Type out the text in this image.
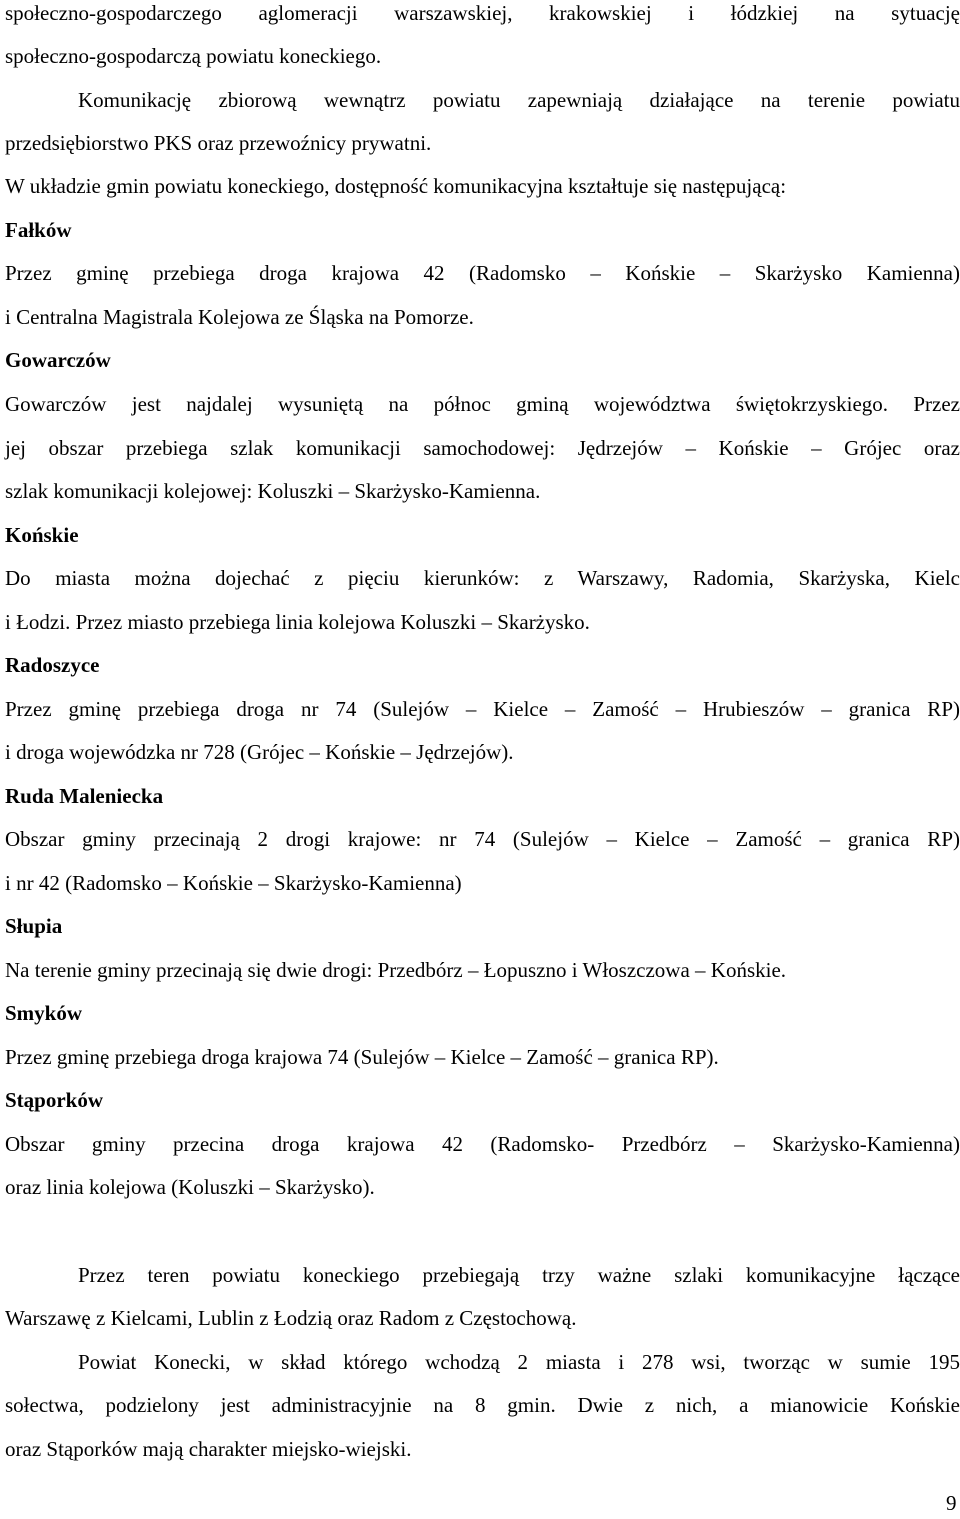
społeczno-gospodarczego aglomeracji warszawskiej, krakowskiej i łódzkiej na sytuację
społeczno-gospodarczą powiatu koneckiego.
Komunikację zbiorową wewnątrz powiatu zapewniają działające na terenie powiatu
przedsiębiorstwo PKS oraz przewoźnicy prywatni.
W układzie gmin powiatu koneckiego, dostępność komunikacyjna kształtuje się następującą:
Fałków
Przez gminę przebiega droga krajowa 42 (Radomsko – Końskie – Skarżysko Kamienna)
i Centralna Magistrala Kolejowa ze Śląska na Pomorze.
Gowarczów
Gowarczów jest najdalej wysuniętą na północ gminą województwa świętokrzyskiego. Przez
jej obszar przebiega szlak komunikacji samochodowej: Jędrzejów – Końskie – Grójec oraz
szlak komunikacji kolejowej: Koluszki – Skarżysko-Kamienna.
Końskie
Do miasta można dojechać z pięciu kierunków: z Warszawy, Radomia, Skarżyska, Kielc
i Łodzi. Przez miasto przebiega linia kolejowa Koluszki – Skarżysko.
Radoszyce
Przez gminę przebiega droga nr 74 (Sulejów – Kielce – Zamość – Hrubieszów – granica RP)
i droga wojewódzka nr 728 (Grójec – Końskie – Jędrzejów).
Ruda Maleniecka
Obszar gminy przecinają 2 drogi krajowe: nr 74 (Sulejów – Kielce – Zamość – granica RP)
i nr 42 (Radomsko – Końskie – Skarżysko-Kamienna)
Słupia
Na terenie gminy przecinają się dwie drogi: Przedbórz – Łopuszno i Włoszczowa – Końskie.
Smyków
Przez gminę przebiega droga krajowa 74 (Sulejów – Kielce – Zamość – granica RP).
Stąporków
Obszar gminy przecina droga krajowa 42 (Radomsko- Przedbórz – Skarżysko-Kamienna)
oraz linia kolejowa (Koluszki – Skarżysko).
Przez teren powiatu koneckiego przebiegają trzy ważne szlaki komunikacyjne łączące
Warszawę z Kielcami, Lublin z Łodzią oraz Radom z Częstochową.
Powiat Konecki, w skład którego wchodzą 2 miasta i 278 wsi, tworząc w sumie 195
sołectwa, podzielony jest administracyjnie na 8 gmin. Dwie z nich, a mianowicie Końskie
oraz Stąporków mają charakter miejsko-wiejski.
9
